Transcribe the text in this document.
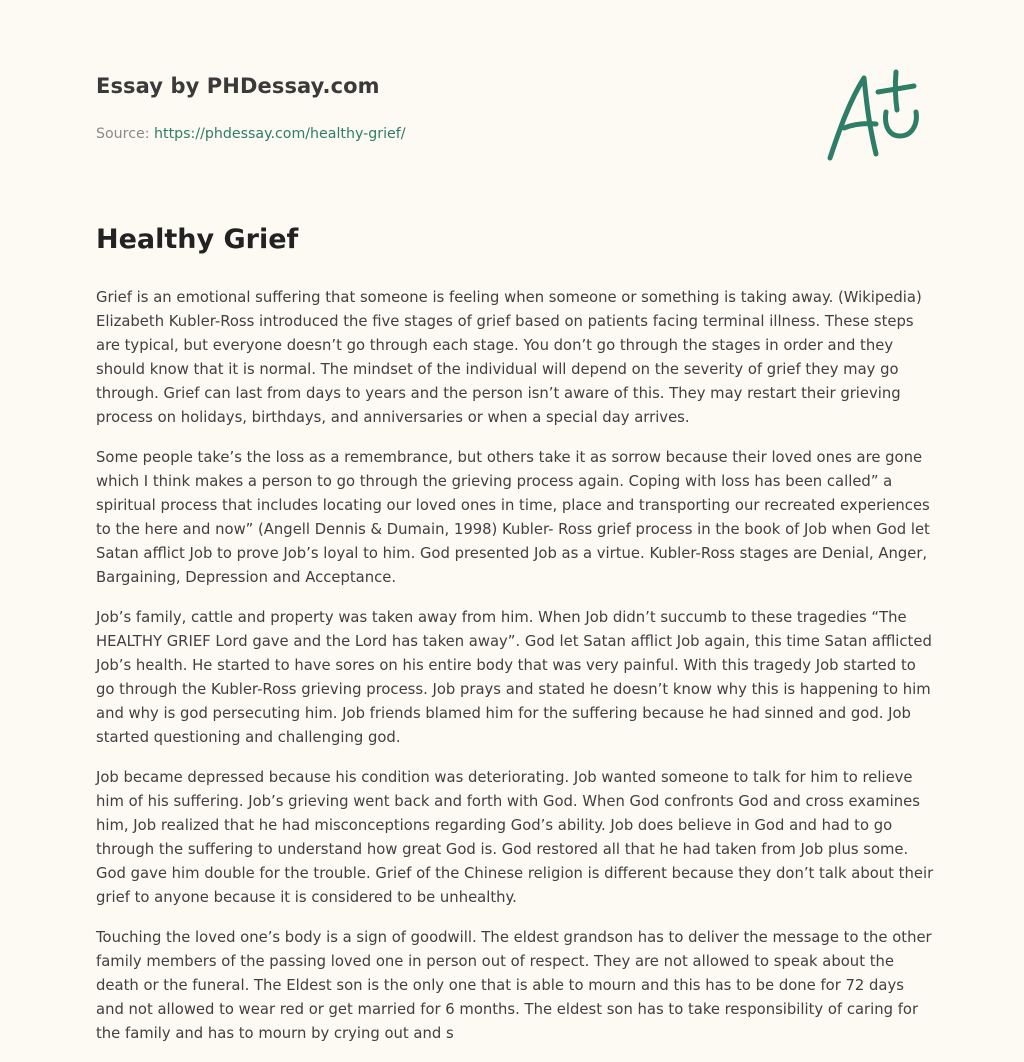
Essay by PHDessay.com
Source: https://phdessay.com/healthy-grief/
Healthy Grief

Grief is an emotional suffering that someone is feeling when someone or something is taking away. (Wikipedia) Elizabeth Kubler-Ross introduced the five stages of grief based on patients facing terminal illness. These steps are typical, but everyone doesn’t go through each stage. You don’t go through the stages in order and they should know that it is normal. The mindset of the individual will depend on the severity of grief they may go through. Grief can last from days to years and the person isn’t aware of this. They may restart their grieving process on holidays, birthdays, and anniversaries or when a special day arrives.

Some people take’s the loss as a remembrance, but others take it as sorrow because their loved ones are gone which I think makes a person to go through the grieving process again. Coping with loss has been called” a spiritual process that includes locating our loved ones in time, place and transporting our recreated experiences to the here and now” (Angell Dennis & Dumain, 1998) Kubler- Ross grief process in the book of Job when God let Satan afflict Job to prove Job’s loyal to him. God presented Job as a virtue. Kubler-Ross stages are Denial, Anger, Bargaining, Depression and Acceptance.

Job’s family, cattle and property was taken away from him. When Job didn’t succumb to these tragedies “The HEALTHY GRIEF Lord gave and the Lord has taken away”. God let Satan afflict Job again, this time Satan afflicted Job’s health. He started to have sores on his entire body that was very painful. With this tragedy Job started to go through the Kubler-Ross grieving process. Job prays and stated he doesn’t know why this is happening to him and why is god persecuting him. Job friends blamed him for the suffering because he had sinned and god. Job started questioning and challenging god.

Job became depressed because his condition was deteriorating. Job wanted someone to talk for him to relieve him of his suffering. Job’s grieving went back and forth with God. When God confronts God and cross examines him, Job realized that he had misconceptions regarding God’s ability. Job does believe in God and had to go through the suffering to understand how great God is. God restored all that he had taken from Job plus some. God gave him double for the trouble. Grief of the Chinese religion is different because they don’t talk about their grief to anyone because it is considered to be unhealthy.

Touching the loved one’s body is a sign of goodwill. The eldest grandson has to deliver the message to the other family members of the passing loved one in person out of respect. They are not allowed to speak about the death or the funeral. The Eldest son is the only one that is able to mourn and this has to be done for 72 days and not allowed to wear red or get married for 6 months. The eldest son has to take responsibility of caring for the family and has to mourn by crying out and s
